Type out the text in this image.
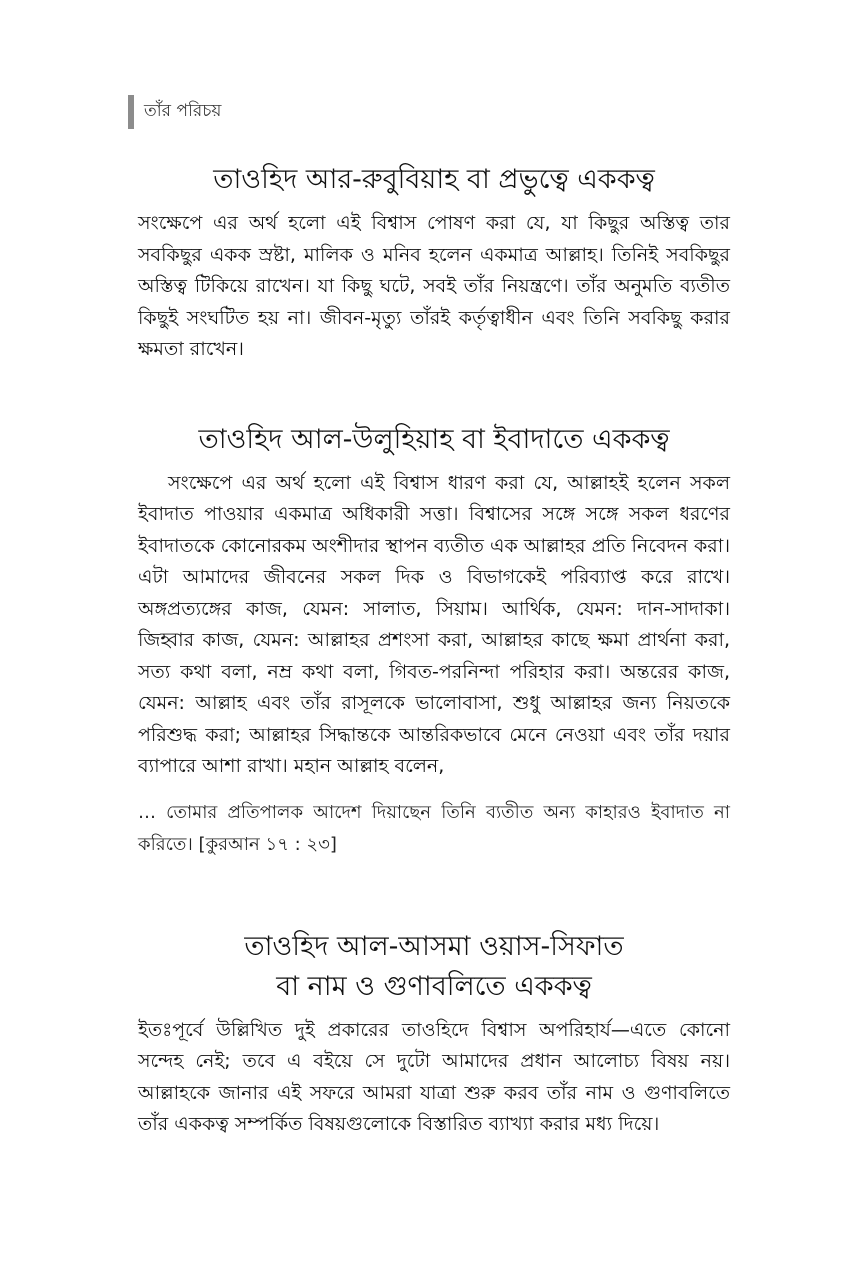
তাঁর পরিচয়
তাওহিদ আর-রুবুবিয়াহ বা প্রভুত্বে এককত্ব

সংক্ষেপে এর অর্থ হলো এই বিশ্বাস পোষণ করা যে, যা কিছুর অস্তিত্ব তার সবকিছুর একক স্রষ্টা, মালিক ও মনিব হলেন একমাত্র আল্লাহ। তিনিই সবকিছুর অস্তিত্ব টিকিয়ে রাখেন। যা কিছু ঘটে, সবই তাঁর নিয়ন্ত্রণে। তাঁর অনুমতি ব্যতীত কিছুই সংঘটিত হয় না। জীবন-মৃত্যু তাঁরই কর্তৃত্বাধীন এবং তিনি সবকিছু করার ক্ষমতা রাখেন।

তাওহিদ আল-উলুহিয়াহ বা ইবাদাতে এককত্ব

সংক্ষেপে এর অর্থ হলো এই বিশ্বাস ধারণ করা যে, আল্লাহই হলেন সকল ইবাদাত পাওয়ার একমাত্র অধিকারী সত্তা। বিশ্বাসের সঙ্গে সঙ্গে সকল ধরণের ইবাদাতকে কোনোরকম অংশীদার স্থাপন ব্যতীত এক আল্লাহর প্রতি নিবেদন করা। এটা আমাদের জীবনের সকল দিক ও বিভাগকেই পরিব্যাপ্ত করে রাখে। অঙ্গপ্রত্যঙ্গের কাজ, যেমন: সালাত, সিয়াম। আর্থিক, যেমন: দান-সাদাকা। জিহ্বার কাজ, যেমন: আল্লাহর প্রশংসা করা, আল্লাহর কাছে ক্ষমা প্রার্থনা করা, সত্য কথা বলা, নম্র কথা বলা, গিবত-পরনিন্দা পরিহার করা। অন্তরের কাজ, যেমন: আল্লাহ এবং তাঁর রাসূলকে ভালোবাসা, শুধু আল্লাহর জন্য নিয়তকে পরিশুদ্ধ করা; আল্লাহর সিদ্ধান্তকে আন্তরিকভাবে মেনে নেওয়া এবং তাঁর দয়ার ব্যাপারে আশা রাখা। মহান আল্লাহ বলেন,

… তোমার প্রতিপালক আদেশ দিয়াছেন তিনি ব্যতীত অন্য কাহারও ইবাদাত না করিতে। [কুরআন ১৭ : ২৩]

তাওহিদ আল-আসমা ওয়াস-সিফাত
বা নাম ও গুণাবলিতে এককত্ব

ইতঃপূর্বে উল্লিখিত দুই প্রকারের তাওহিদে বিশ্বাস অপরিহার্য—এতে কোনো সন্দেহ নেই; তবে এ বইয়ে সে দুটো আমাদের প্রধান আলোচ্য বিষয় নয়। আল্লাহকে জানার এই সফরে আমরা যাত্রা শুরু করব তাঁর নাম ও গুণাবলিতে তাঁর এককত্ব সম্পর্কিত বিষয়গুলোকে বিস্তারিত ব্যাখ্যা করার মধ্য দিয়ে।
